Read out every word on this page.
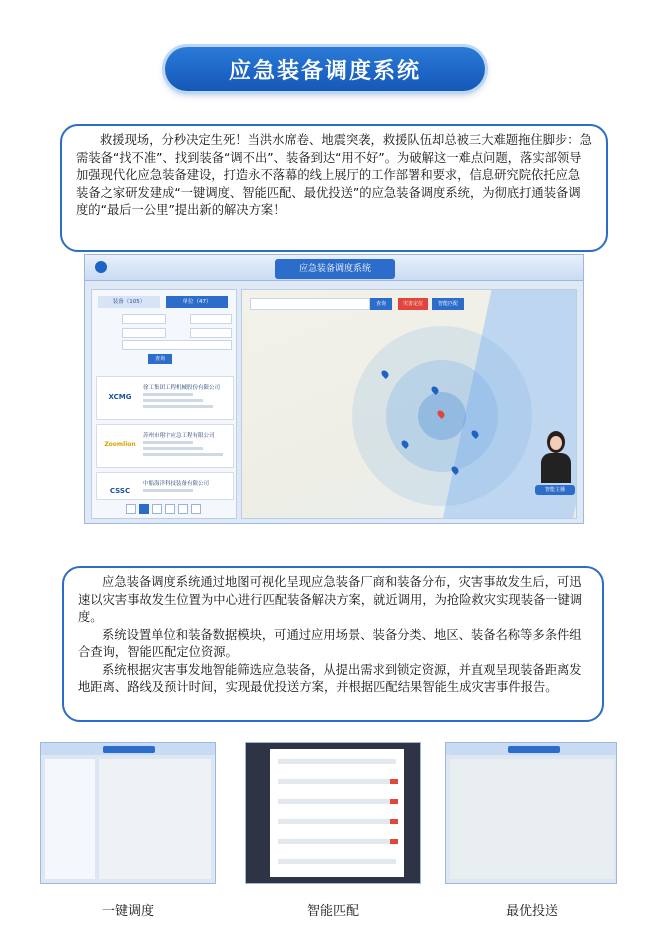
应急装备调度系统

救援现场，分秒决定生死！当洪水席卷、地震突袭，救援队伍却总被三大难题拖住脚步：急需装备“找不准”、找到装备“调不出”、装备到达“用不好”。为破解这一难点问题，落实部领导加强现代化应急装备建设，打造永不落幕的线上展厅的工作部署和要求，信息研究院依托应急装备之家研发建成“一键调度、智能匹配、最优投送”的应急装备调度系统，为彻底打通装备调度的“最后一公里”提出新的解决方案！

应急装备调度系统
装备（105）	单位（47）
查询
XCMG
徐工集团工程机械股份有限公司
Zoomlion
苏州市翔宇应急工程有限公司
CSSC
中船海洋科技装备有限公司
查询	灾害定位	智能匹配
智能主播

应急装备调度系统通过地图可视化呈现应急装备厂商和装备分布，灾害事故发生后，可迅速以灾害事故发生位置为中心进行匹配装备解决方案，就近调用，为抢险救灾实现装备一键调度。

系统设置单位和装备数据模块，可通过应用场景、装备分类、地区、装备名称等多条件组合查询，智能匹配定位资源。

系统根据灾害事发地智能筛选应急装备，从提出需求到锁定资源，并直观呈现装备距离发地距离、路线及预计时间，实现最优投送方案，并根据匹配结果智能生成灾害事件报告。

一键调度	智能匹配	最优投送
